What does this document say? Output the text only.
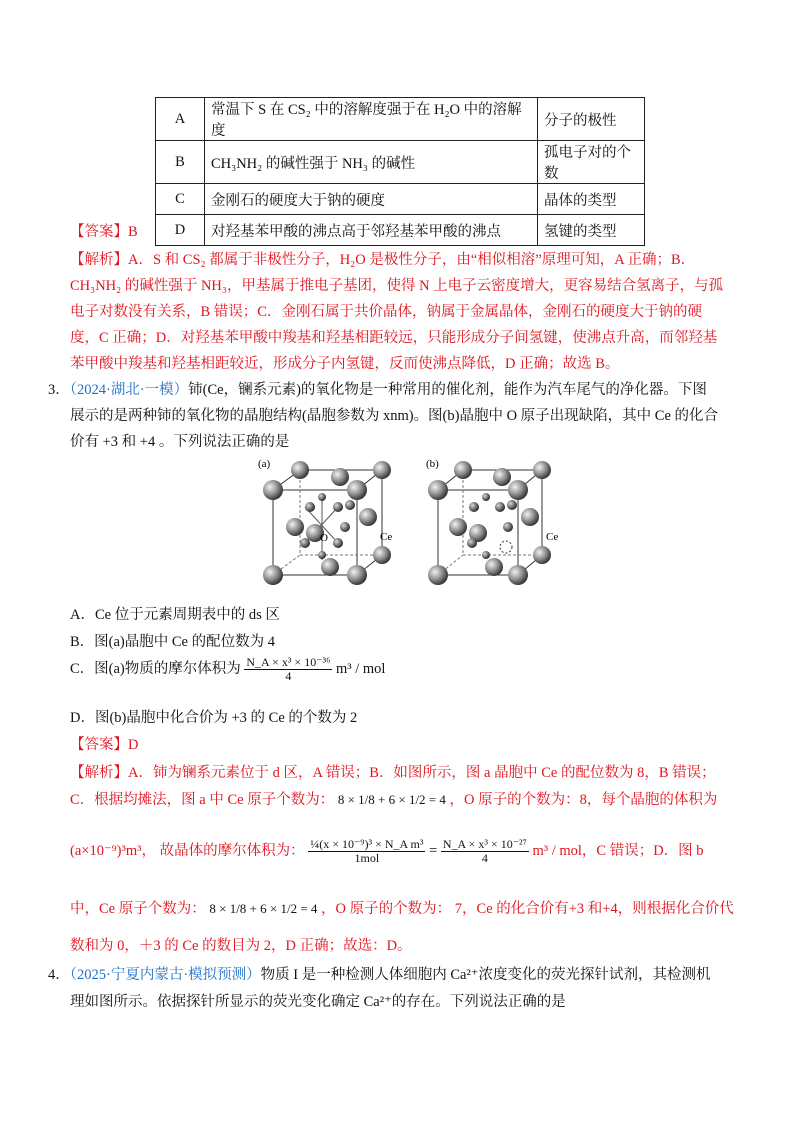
A	常温下 S 在 CS₂ 中的溶解度强于在 H₂O 中的溶解度	分子的极性
B	CH₃NH₂ 的碱性强于 NH₃ 的碱性	孤电子对的个数
C	金刚石的硬度大于钠的硬度	晶体的类型
D	对羟基苯甲酸的沸点高于邻羟基苯甲酸的沸点	氢键的类型
【答案】B
【解析】A．S 和 CS₂ 都属于非极性分子，H₂O 是极性分子，由“相似相溶”原理可知，A 正确；B．
CH₃NH₂ 的碱性强于 NH₃，甲基属于推电子基团，使得 N 上电子云密度增大，更容易结合氢离子，与孤
电子对数没有关系，B 错误；C．金刚石属于共价晶体，钠属于金属晶体，金刚石的硬度大于钠的硬
度，C 正确；D．对羟基苯甲酸中羧基和羟基相距较远，只能形成分子间氢键，使沸点升高，而邻羟基
苯甲酸中羧基和羟基相距较近，形成分子内氢键，反而使沸点降低，D 正确；故选 B。
3．（2024·湖北·一模）铈(Ce，镧系元素)的氧化物是一种常用的催化剂，能作为汽车尾气的净化器。下图
展示的是两种铈的氧化物的晶胞结构(晶胞参数为 xnm)。图(b)晶胞中 O 原子出现缺陷，其中 Ce 的化合
价有 +3 和 +4 。下列说法正确的是
(a)
O	Ce
(b)
Ce
A．Ce 位于元素周期表中的 ds 区
B．图(a)晶胞中 Ce 的配位数为 4
C．图(a)物质的摩尔体积为 $\frac{\text{N\_A × x³ × 10⁻³⁶}}{4} m^3$ / mol
D．图(b)晶胞中化合价为 +3 的 Ce 的个数为 2
【答案】D
【解析】A．铈为镧系元素位于 d 区，A 错误；B．如图所示，图 a 晶胞中 Ce 的配位数为 8，B 错误；
C．根据均摊法，图 a 中 Ce 原子个数为： 8 × 1/8 + 6 × 1/2 = 4 ，O 原子的个数为：8，每个晶胞的体积为
(a×10⁻⁹)³m³， 故晶体的摩尔体积为： $\frac{\text{¼(x × 10⁻⁹)³ × N\_A m³}}{\text{1mol}} = \frac{\text{N\_A × x³ × 10⁻²⁷}}{4} m^3$ / mol，C 错误；D．图 b
中，Ce 原子个数为： 8 × 1/8 + 6 × 1/2 = 4 ，O 原子的个数为： 7，Ce 的化合价有+3 和+4，则根据化合价代
数和为 0，＋3 的 Ce 的数目为 2，D 正确；故选：D。
4．（2025·宁夏内蒙古·模拟预测）物质 I 是一种检测人体细胞内 Ca²⁺浓度变化的荧光探针试剂，其检测机
理如图所示。依据探针所显示的荧光变化确定 Ca²⁺的存在。下列说法正确的是
